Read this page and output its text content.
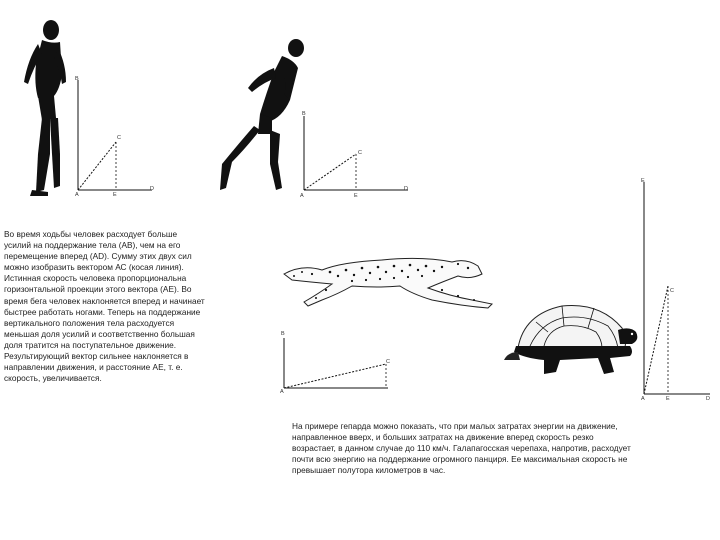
Во время ходьбы человек расходует больше
усилий на поддержание тела (АВ), чем на его
перемещение вперед (AD). Сумму этих двух сил
можно изобразить вектором АС (косая линия).
Истинная скорость человека пропорциональна
горизонтальной проекции этого вектора (АЕ). Во
время бега человек наклоняется вперед и начинает
быстрее работать ногами. Теперь на поддержание
вертикального положения тела расходуется
меньшая доля усилий и соответственно большая
доля тратится на поступательное движение.
Результирующий вектор сильнее наклоняется в
направлении движения, и расстояние АЕ, т. е.
скорость, увеличивается.
На примере гепарда можно показать, что при малых затратах энергии на движение,
направленное вверх, и больших затратах на движение вперед скорость резко
возрастает, в данном случае до 110 км/ч. Галапагосская черепаха, напротив, расходует
почти всю энергию на поддержание огромного панциря. Ее максимальная скорость не
превышает полутора километров в час.
B
C
A	E
D
B
C
A	E
D
B
C
A
E
C
A	E	D
